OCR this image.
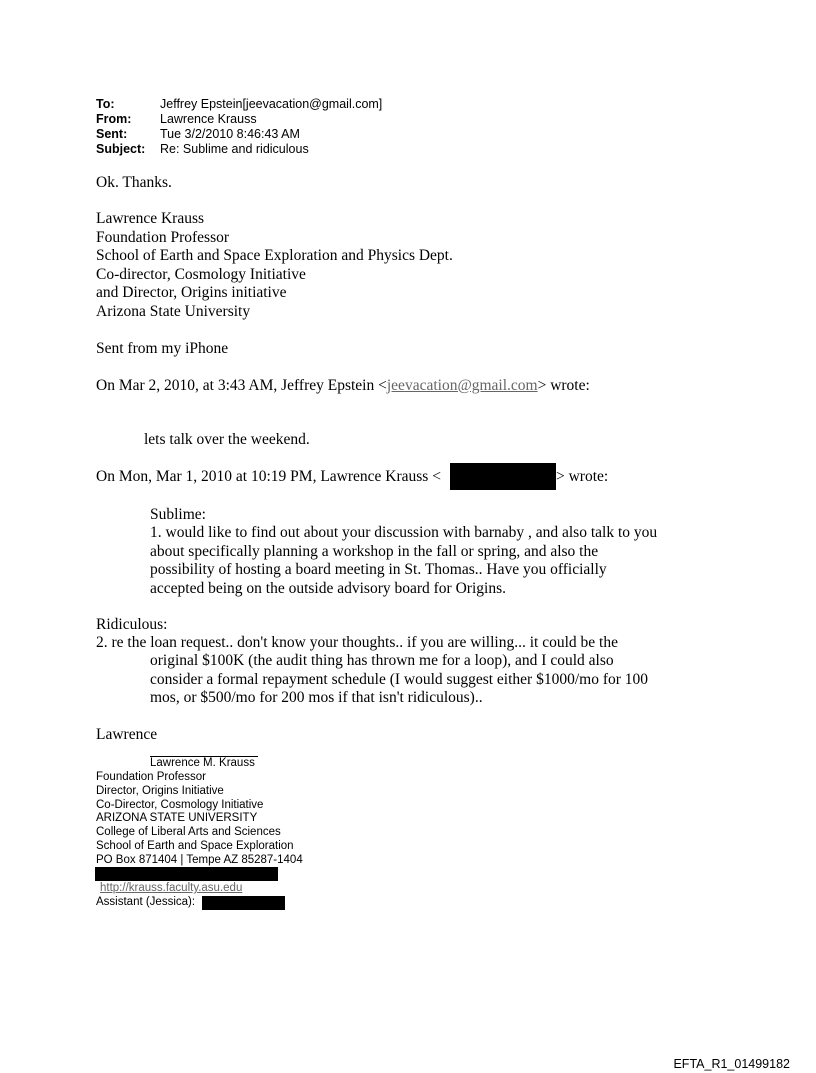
To:	Jeffrey Epstein[jeevacation@gmail.com]
From: Lawrence Krauss
Sent:	Tue 3/2/2010 8:46:43 AM
Subject: Re: Sublime and ridiculous
Ok. Thanks.
Lawrence Krauss
Foundation Professor
School of Earth and Space Exploration and Physics Dept.
Co-director, Cosmology Initiative
and Director, Origins initiative
Arizona State University
Sent from my iPhone
On Mar 2, 2010, at 3:43 AM, Jeffrey Epstein <jeevacation@gmail.com> wrote:
lets talk over the weekend.
On Mon, Mar 1, 2010 at 10:19 PM, Lawrence Krauss <	> wrote:
Sublime:
1. would like to find out about your discussion with barnaby , and also talk to you
about specifically planning a workshop in the fall or spring, and also the
possibility of hosting a board meeting in St. Thomas.. Have you officially
accepted being on the outside advisory board for Origins.
Ridiculous:
2. re the loan request.. don't know your thoughts.. if you are willing... it could be the
original $100K (the audit thing has thrown me for a loop), and I could also
consider a formal repayment schedule (I would suggest either $1000/mo for 100
mos, or $500/mo for 200 mos if that isn't ridiculous)..
Lawrence
Lawrence M. Krauss
Foundation Professor
Director, Origins Initiative
Co-Director, Cosmology Initiative
ARIZONA STATE UNIVERSITY
College of Liberal Arts and Sciences
School of Earth and Space Exploration
PO Box 871404 | Tempe AZ 85287-1404
http://krauss.faculty.asu.edu
Assistant (Jessica):
EFTA_R1_01499182
